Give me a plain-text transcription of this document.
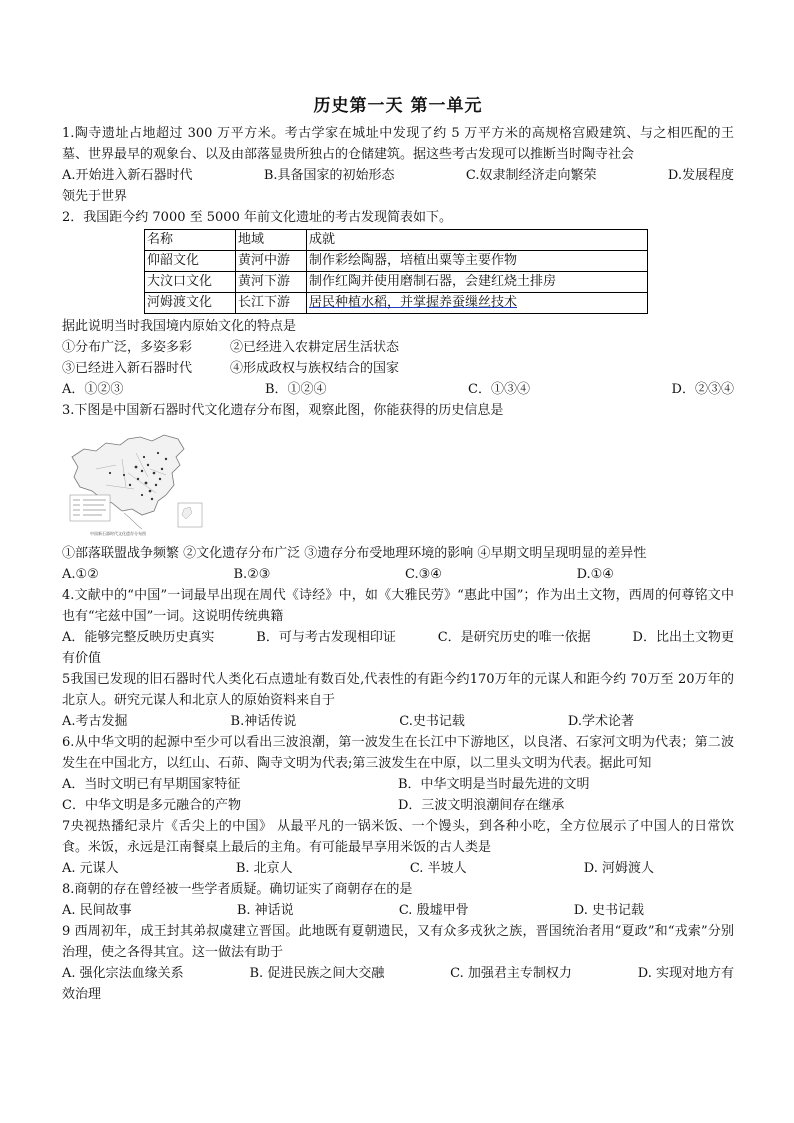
历史第一天 第一单元

1.陶寺遗址占地超过 300 万平方米。考古学家在城址中发现了约 5 万平方米的高规格宫殿建筑、与之相匹配的王墓、世界最早的观象台、以及由部落显贵所独占的仓储建筑。据这些考古发现可以推断当时陶寺社会

A.开始进入新石器时代	B.具备国家的初始形态	C.奴隶制经济走向繁荣	D.发展程度
领先于世界

2．我国距今约 7000 至 5000 年前文化遗址的考古发现简表如下。

名称	地域	成就
仰韶文化	黄河中游	制作彩绘陶器，培植出粟等主要作物
大汶口文化	黄河下游	制作红陶并使用磨制石器，会建红烧土排房
河姆渡文化	长江下游	居民种植水稻，并掌握养蚕缫丝技术

据此说明当时我国境内原始文化的特点是

①分布广泛，多姿多彩	②已经进入农耕定居生活状态
③已经进入新石器时代	④形成政权与族权结合的国家
A．①②③	B．①②④	C．①③④	D．②③④

3.下图是中国新石器时代文化遗存分布图，观察此图，你能获得的历史信息是

中国新石器时代文化遗存分布图

①部落联盟战争频繁 ②文化遗存分布广泛 ③遗存分布受地理环境的影响 ④早期文明呈现明显的差异性

A.①②	B.②③	C.③④	D.①④

4.文献中的“中国”一词最早出现在周代《诗经》中，如《大雅民劳》“惠此中国”；作为出土文物，西周的何尊铭文中也有“宅兹中国”一词。这说明传统典籍

A．能够完整反映历史真实	B．可与考古发现相印证	C．是研究历史的唯一依据	D．比出土文物更
有价值

5我国已发现的旧石器时代人类化石点遗址有数百处,代表性的有距今约170万年的元谋人和距今约 70万至 20万年的北京人。研究元谋人和北京人的原始资料来自于

A.考古发掘	B.神话传说	C.史书记载	D.学术论著

6.从中华文明的起源中至少可以看出三波浪潮，第一波发生在长江中下游地区，以良渚、石家河文明为代表；第二波发生在中国北方，以红山、石茆、陶寺文明为代表;第三波发生在中原，以二里头文明为代表。据此可知

A．当时文明已有早期国家特征	B．中华文明是当时最先进的文明
C．中华文明是多元融合的产物	D．三波文明浪潮间存在继承

7央视热播纪录片《舌尖上的中国》 从最平凡的一锅米饭、一个馒头，到各种小吃，全方位展示了中国人的日常饮食。米饭，永远是江南餐桌上最后的主角。有可能最早享用米饭的古人类是

A. 元谋人	B. 北京人	C. 半坡人	D. 河姆渡人

8.商朝的存在曾经被一些学者质疑。确切证实了商朝存在的是

A. 民间故事	B. 神话说	C. 殷墟甲骨	D. 史书记载

9 西周初年，成王封其弟叔虞建立晋国。此地既有夏朝遗民，又有众多戎狄之族，晋国统治者用“夏政”和“戎索”分别治理，使之各得其宜。这一做法有助于

A. 强化宗法血缘关系	B. 促进民族之间大交融	C. 加强君主专制权力	D. 实现对地方有
效治理
